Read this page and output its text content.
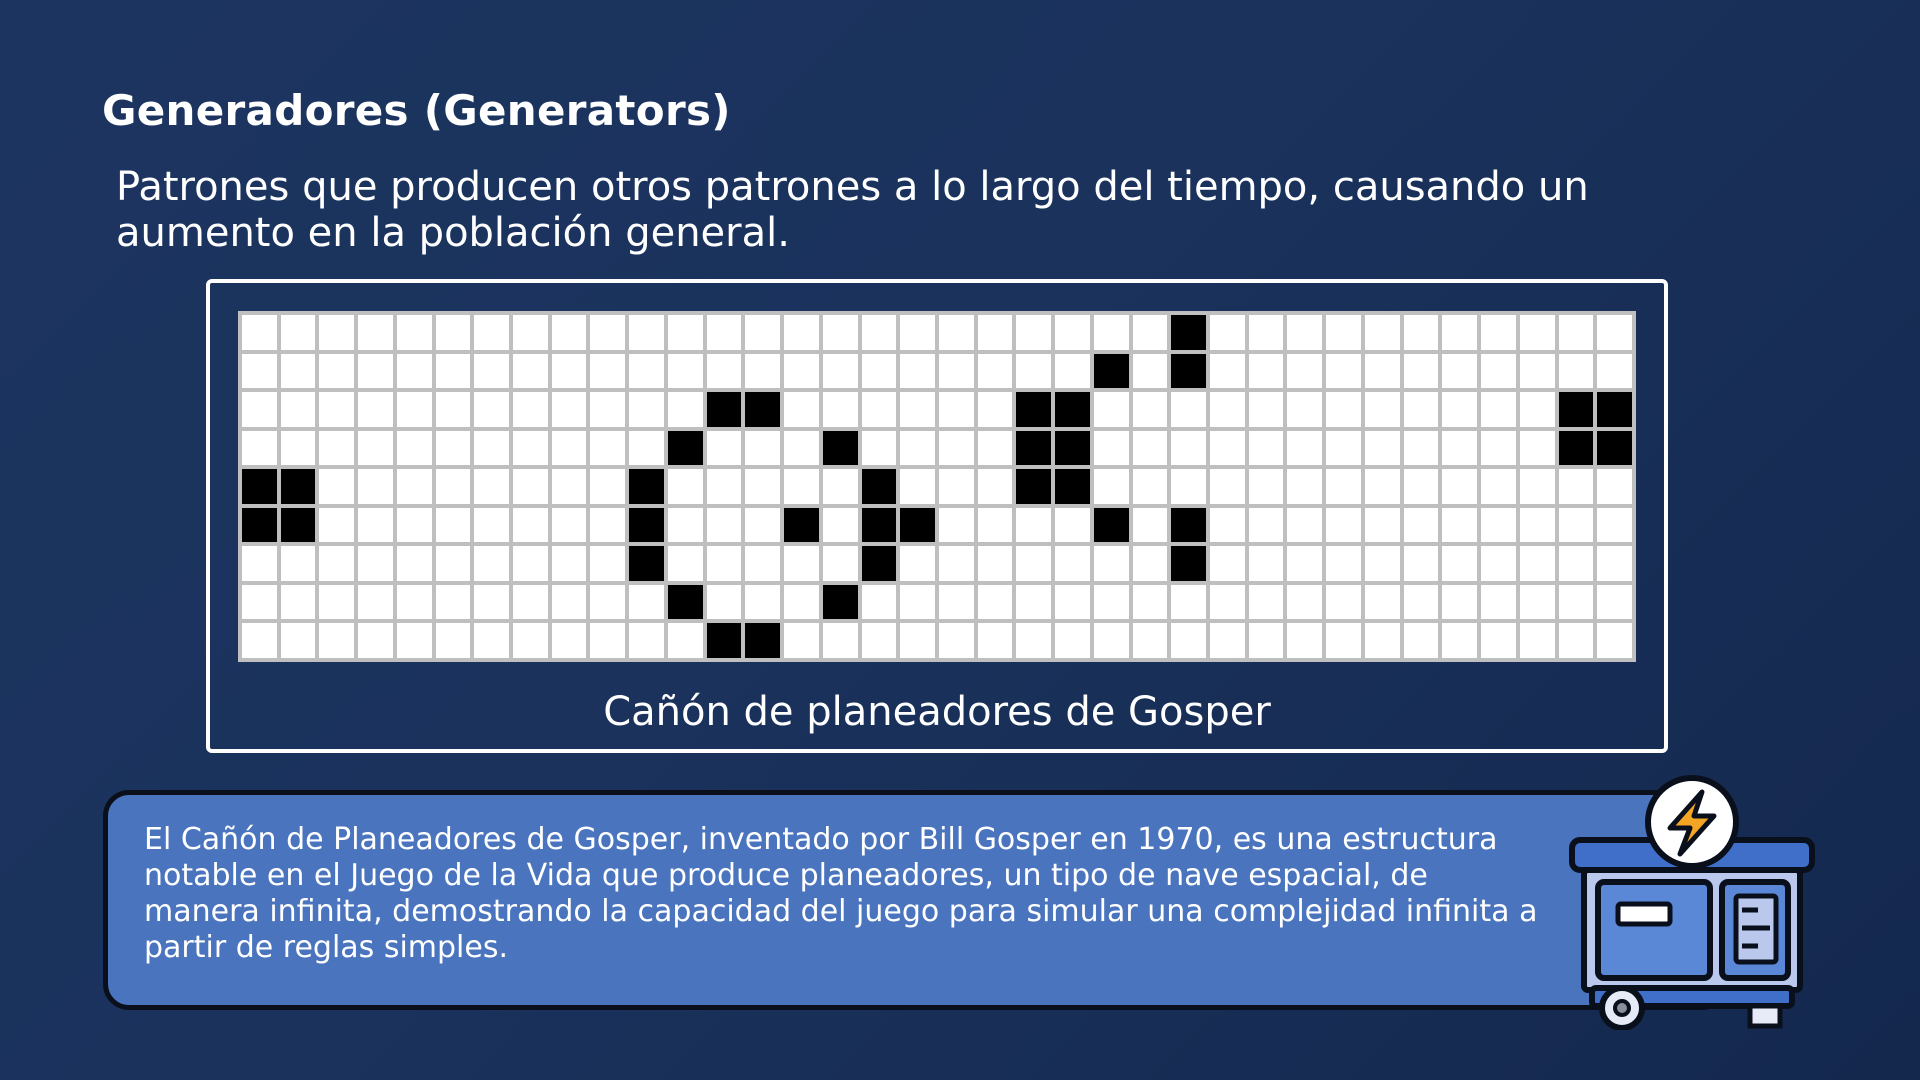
Generadores (Generators)

Patrones que producen otros patrones a lo largo del tiempo, causando un aumento en la población general.

Cañón de planeadores de Gosper

El Cañón de Planeadores de Gosper, inventado por Bill Gosper en 1970, es una estructura notable en el Juego de la Vida que produce planeadores, un tipo de nave espacial, de manera infinita, demostrando la capacidad del juego para simular una complejidad infinita a partir de reglas simples.
